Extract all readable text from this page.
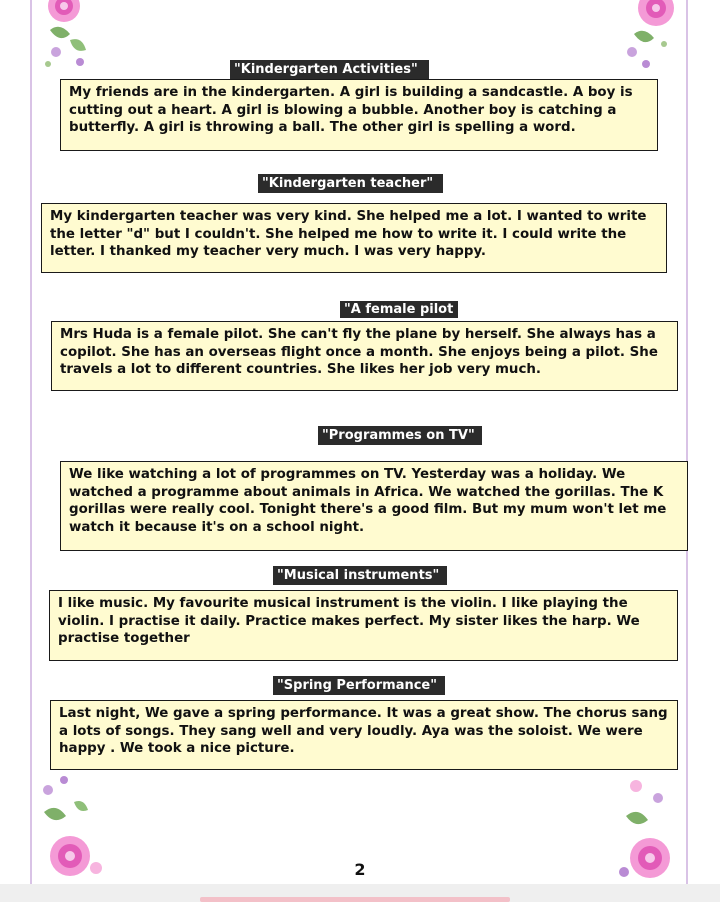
"Kindergarten Activities"
My friends are in the kindergarten. A girl is building a sandcastle. A boy is cutting out a heart. A girl is blowing a bubble. Another boy is catching a butterfly. A girl is throwing a ball. The other girl is spelling a word.
"Kindergarten teacher"
My kindergarten teacher was very kind. She helped me a lot. I wanted to write the letter "d" but I couldn't. She helped me how to write it. I could write the letter. I thanked my teacher very much. I was very happy.
"A female pilot
Mrs Huda is a female pilot. She can't fly the plane by herself. She always has a copilot. She has an overseas flight once a month. She enjoys being a pilot. She travels a lot to different countries. She likes her job very much.
"Programmes on TV"
We like watching a lot of programmes on TV. Yesterday was a holiday. We watched a programme about animals in Africa. We watched the gorillas. The K gorillas were really cool. Tonight there's a good film. But my mum won't let me watch it because it's on a school night.
"Musical instruments"
I like music. My favourite musical instrument is the violin. I like playing the violin. I practise it daily. Practice makes perfect. My sister likes the harp. We practise together
"Spring Performance"
Last night, We gave a spring performance. It was a great show. The chorus sang a lots of songs. They sang well and very loudly. Aya was the soloist. We were happy . We took a nice picture.
2
